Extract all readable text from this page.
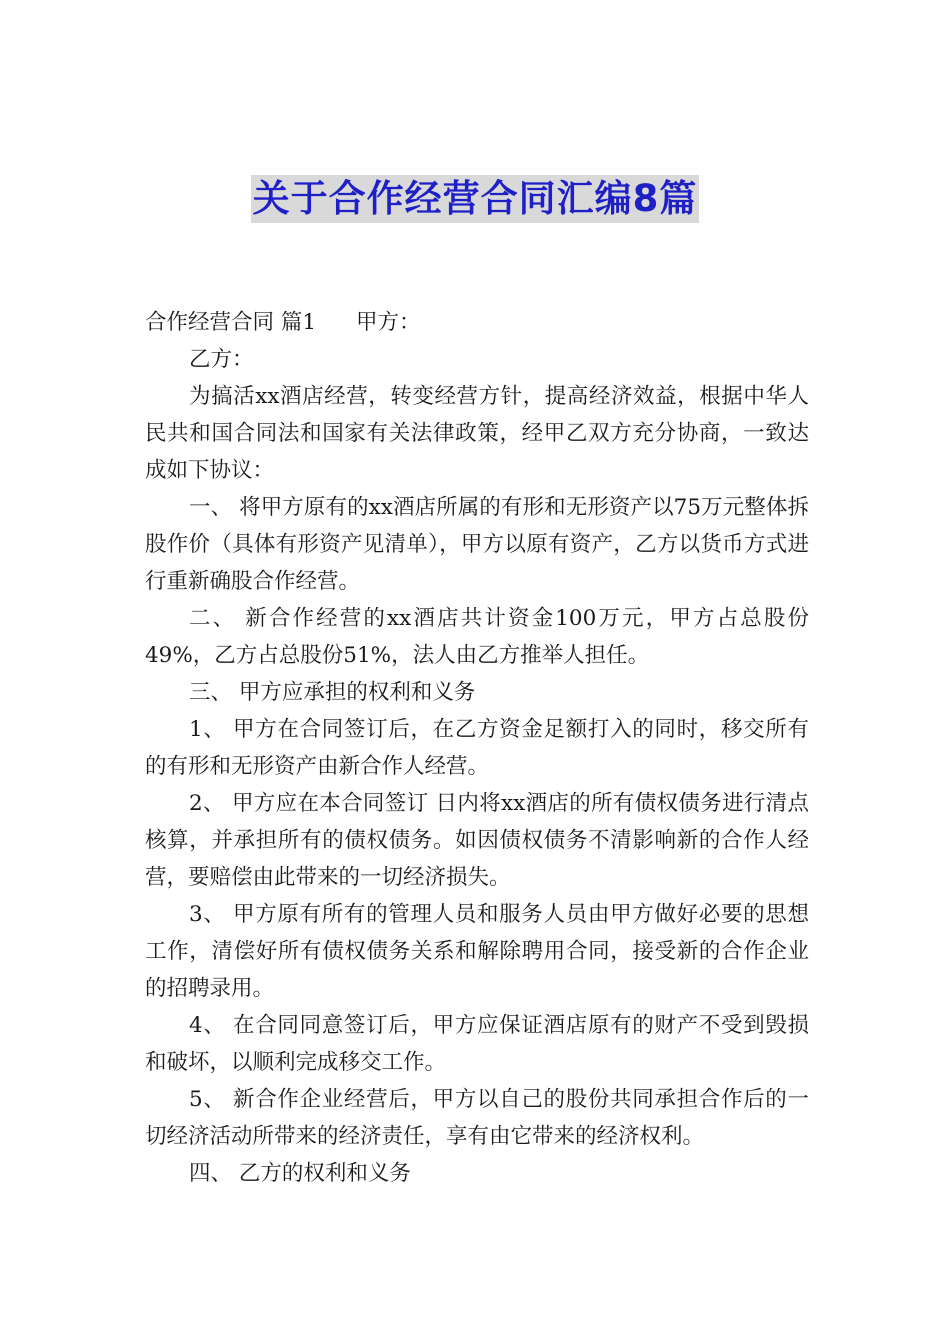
关于合作经营合同汇编8篇

合作经营合同 篇1 甲方：

乙方：

为搞活xx酒店经营，转变经营方针，提高经济效益，根据中华人民共和国合同法和国家有关法律政策，经甲乙双方充分协商，一致达成如下协议：

一、 将甲方原有的xx酒店所属的有形和无形资产以75万元整体拆股作价（具体有形资产见清单），甲方以原有资产，乙方以货币方式进行重新确股合作经营。

二、 新合作经营的xx酒店共计资金100万元，甲方占总股份49%，乙方占总股份51%，法人由乙方推举人担任。

三、 甲方应承担的权利和义务

1、 甲方在合同签订后，在乙方资金足额打入的同时，移交所有的有形和无形资产由新合作人经营。

2、 甲方应在本合同签订 日内将xx酒店的所有债权债务进行清点核算，并承担所有的债权债务。如因债权债务不清影响新的合作人经营，要赔偿由此带来的一切经济损失。

3、 甲方原有所有的管理人员和服务人员由甲方做好必要的思想工作，清偿好所有债权债务关系和解除聘用合同，接受新的合作企业的招聘录用。

4、 在合同同意签订后，甲方应保证酒店原有的财产不受到毁损和破坏，以顺利完成移交工作。

5、 新合作企业经营后，甲方以自己的股份共同承担合作后的一切经济活动所带来的经济责任，享有由它带来的经济权利。

四、 乙方的权利和义务
